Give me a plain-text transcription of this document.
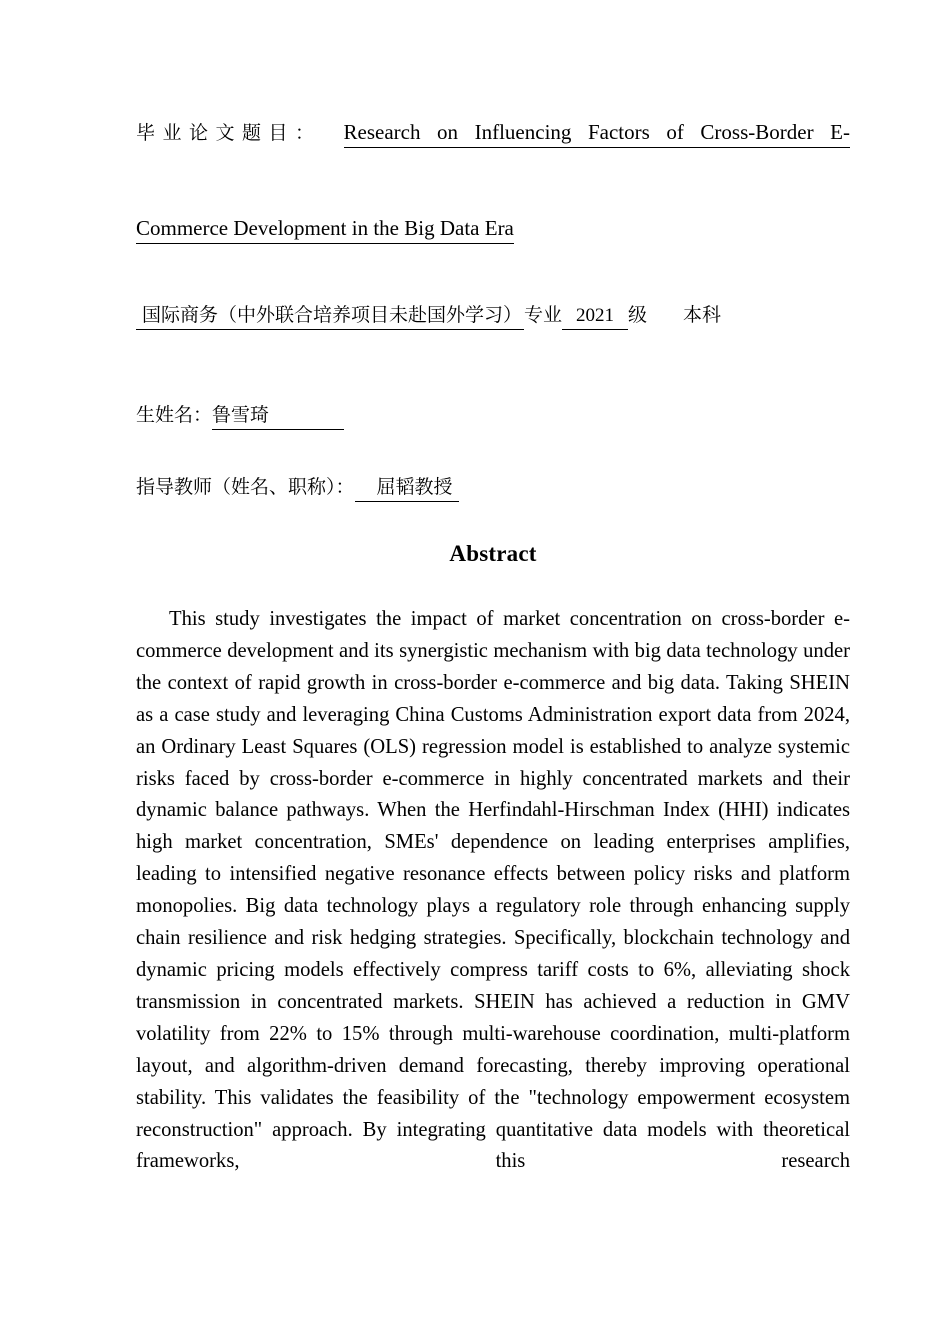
毕业论文题目： Research on Influencing Factors of Cross-Border E-
Commerce Development in the Big Data Era
国际商务（中外联合培养项目未赴国外学习） 专业 2021 级 本科
生姓名： 鲁雪琦
指导教师（姓名、职称）：	屈韬教授
Abstract
This study investigates the impact of market concentration on cross-border e-commerce development and its synergistic mechanism with big data technology under the context of rapid growth in cross-border e-commerce and big data. Taking SHEIN as a case study and leveraging China Customs Administration export data from 2024, an Ordinary Least Squares (OLS) regression model is established to analyze systemic risks faced by cross-border e-commerce in highly concentrated markets and their dynamic balance pathways. When the Herfindahl-Hirschman Index (HHI) indicates high market concentration, SMEs' dependence on leading enterprises amplifies, leading to intensified negative resonance effects between policy risks and platform monopolies. Big data technology plays a regulatory role through enhancing supply chain resilience and risk hedging strategies. Specifically, blockchain technology and dynamic pricing models effectively compress tariff costs to 6%, alleviating shock transmission in concentrated markets. SHEIN has achieved a reduction in GMV volatility from 22% to 15% through multi-warehouse coordination, multi-platform layout, and algorithm-driven demand forecasting, thereby improving operational stability. This validates the feasibility of the "technology empowerment ecosystem reconstruction" approach. By integrating quantitative data models with theoretical frameworks, this research
